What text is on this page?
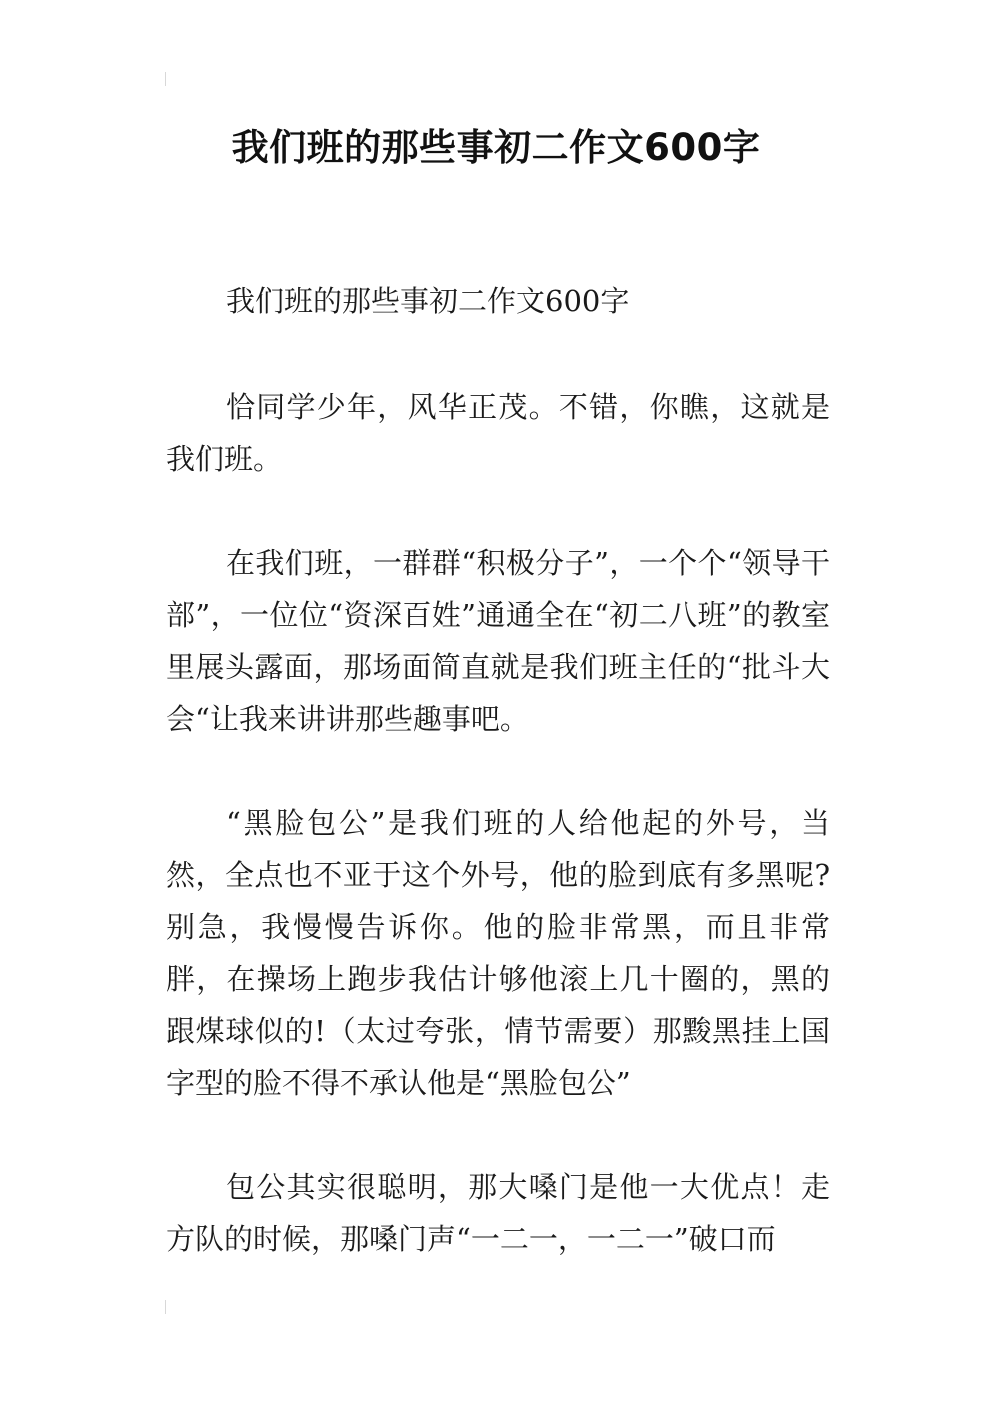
我们班的那些事初二作文600字

我们班的那些事初二作文600字

恰同学少年，风华正茂。不错，你瞧，这就是我们班。

在我们班，一群群“积极分子”，一个个“领导干部”，一位位“资深百姓”通通全在“初二八班”的教室里展头露面，那场面简直就是我们班主任的“批斗大会“让我来讲讲那些趣事吧。

“黑脸包公”是我们班的人给他起的外号，当然，全点也不亚于这个外号，他的脸到底有多黑呢?别急，我慢慢告诉你。他的脸非常黑，而且非常胖，在操场上跑步我估计够他滚上几十圈的，黑的跟煤球似的!（太过夸张，情节需要）那黢黑挂上国字型的脸不得不承认他是“黑脸包公”

包公其实很聪明，那大嗓门是他一大优点！走方队的时候，那嗓门声“一二一，一二一”破口而
